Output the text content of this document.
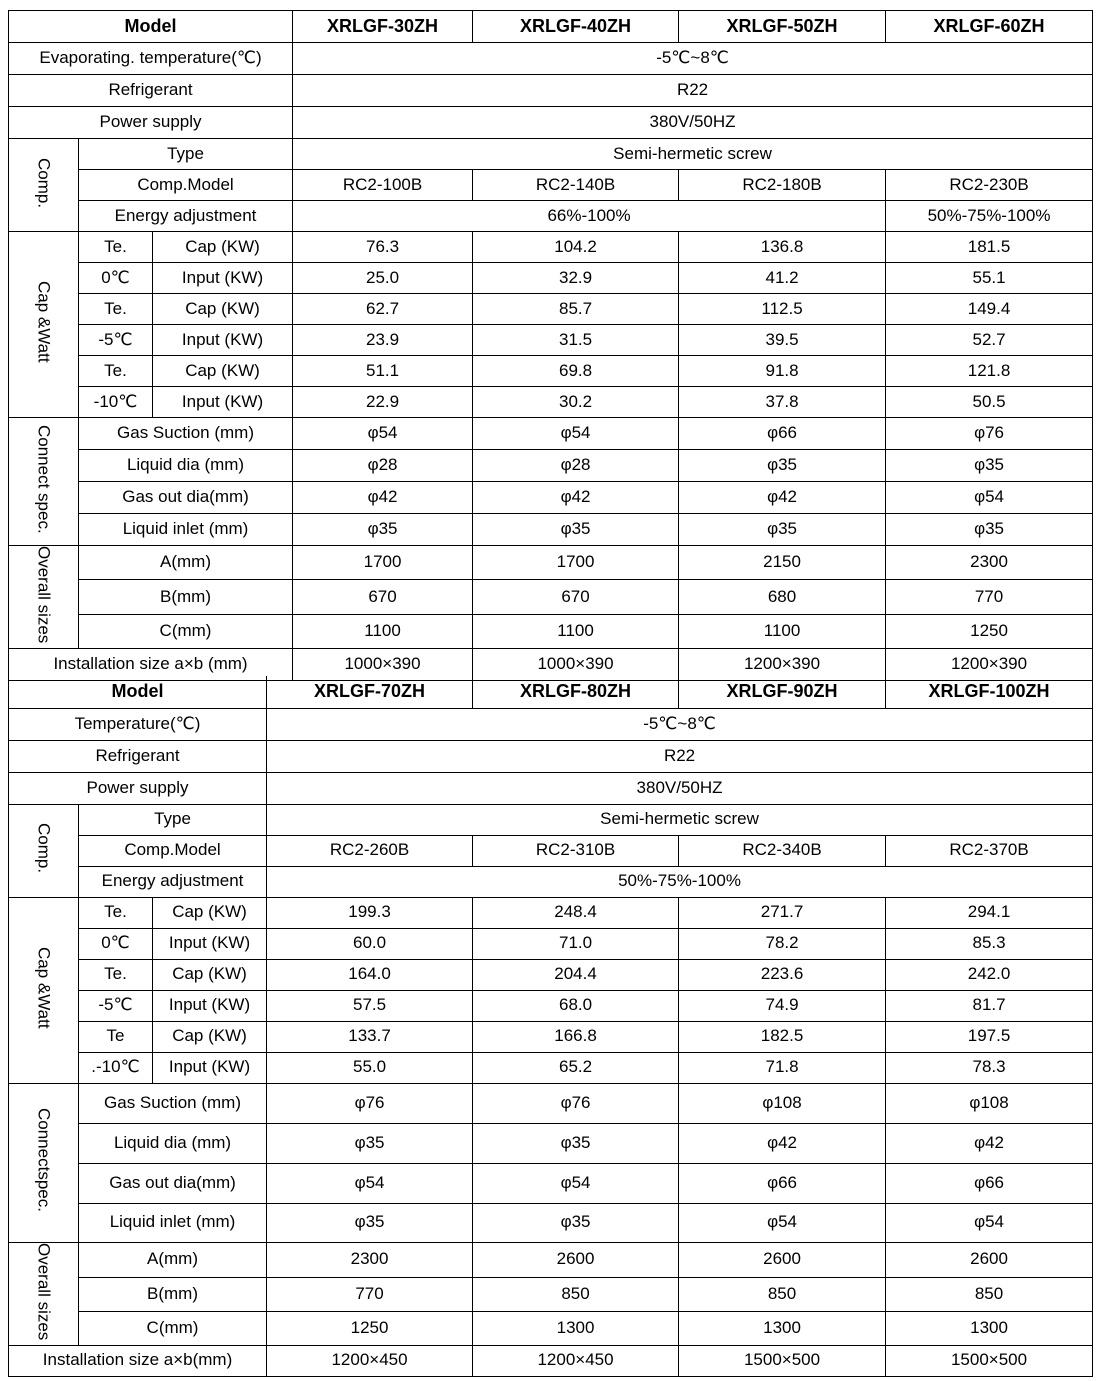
Model			XRLGF-30ZH	XRLGF-40ZH	XRLGF-50ZH	XRLGF-60ZH
Evaporating. temperature(℃)			-5℃~8℃			
Refrigerant			R22			
Power supply			380V/50HZ			
Comp.	Type		Semi-hermetic screw			
	Comp.Model		RC2-100B	RC2-140B	RC2-180B	RC2-230B
	Energy adjustment		66%-100%			50%-75%-100%
Cap &Watt	Te.	Cap (KW)	76.3	104.2	136.8	181.5
	0℃	Input (KW)	25.0	32.9	41.2	55.1
	Te.	Cap (KW)	62.7	85.7	112.5	149.4
	-5℃	Input (KW)	23.9	31.5	39.5	52.7
	Te.	Cap (KW)	51.1	69.8	91.8	121.8
	-10℃	Input (KW)	22.9	30.2	37.8	50.5
Connect spec.	Gas Suction (mm)		φ54	φ54	φ66	φ76
	Liquid dia (mm)		φ28	φ28	φ35	φ35
	Gas out dia(mm)		φ42	φ42	φ42	φ54
	Liquid inlet (mm)		φ35	φ35	φ35	φ35
Overall sizes	A(mm)		1700	1700	2150	2300
	B(mm)		670	670	680	770
	C(mm)		1100	1100	1100	1250
Installation size a×b (mm)			1000×390	1000×390	1200×390	1200×390
Model			XRLGF-70ZH	XRLGF-80ZH	XRLGF-90ZH	XRLGF-100ZH
Temperature(℃)			-5℃~8℃			
Refrigerant			R22			
Power supply			380V/50HZ			
Comp.	Type		Semi-hermetic screw			
	Comp.Model		RC2-260B	RC2-310B	RC2-340B	RC2-370B
	Energy adjustment		50%-75%-100%			
Cap &Watt	Te.	Cap (KW)	199.3	248.4	271.7	294.1
	0℃	Input (KW)	60.0	71.0	78.2	85.3
	Te.	Cap (KW)	164.0	204.4	223.6	242.0
	-5℃	Input (KW)	57.5	68.0	74.9	81.7
	Te	Cap (KW)	133.7	166.8	182.5	197.5
	.-10℃	Input (KW)	55.0	65.2	71.8	78.3
Connectspec.	Gas Suction (mm)		φ76	φ76	φ108	φ108
	Liquid dia (mm)		φ35	φ35	φ42	φ42
	Gas out dia(mm)		φ54	φ54	φ66	φ66
	Liquid inlet (mm)		φ35	φ35	φ54	φ54
Overall sizes	A(mm)		2300	2600	2600	2600
	B(mm)		770	850	850	850
	C(mm)		1250	1300	1300	1300
Installation size a×b(mm)			1200×450	1200×450	1500×500	1500×500
